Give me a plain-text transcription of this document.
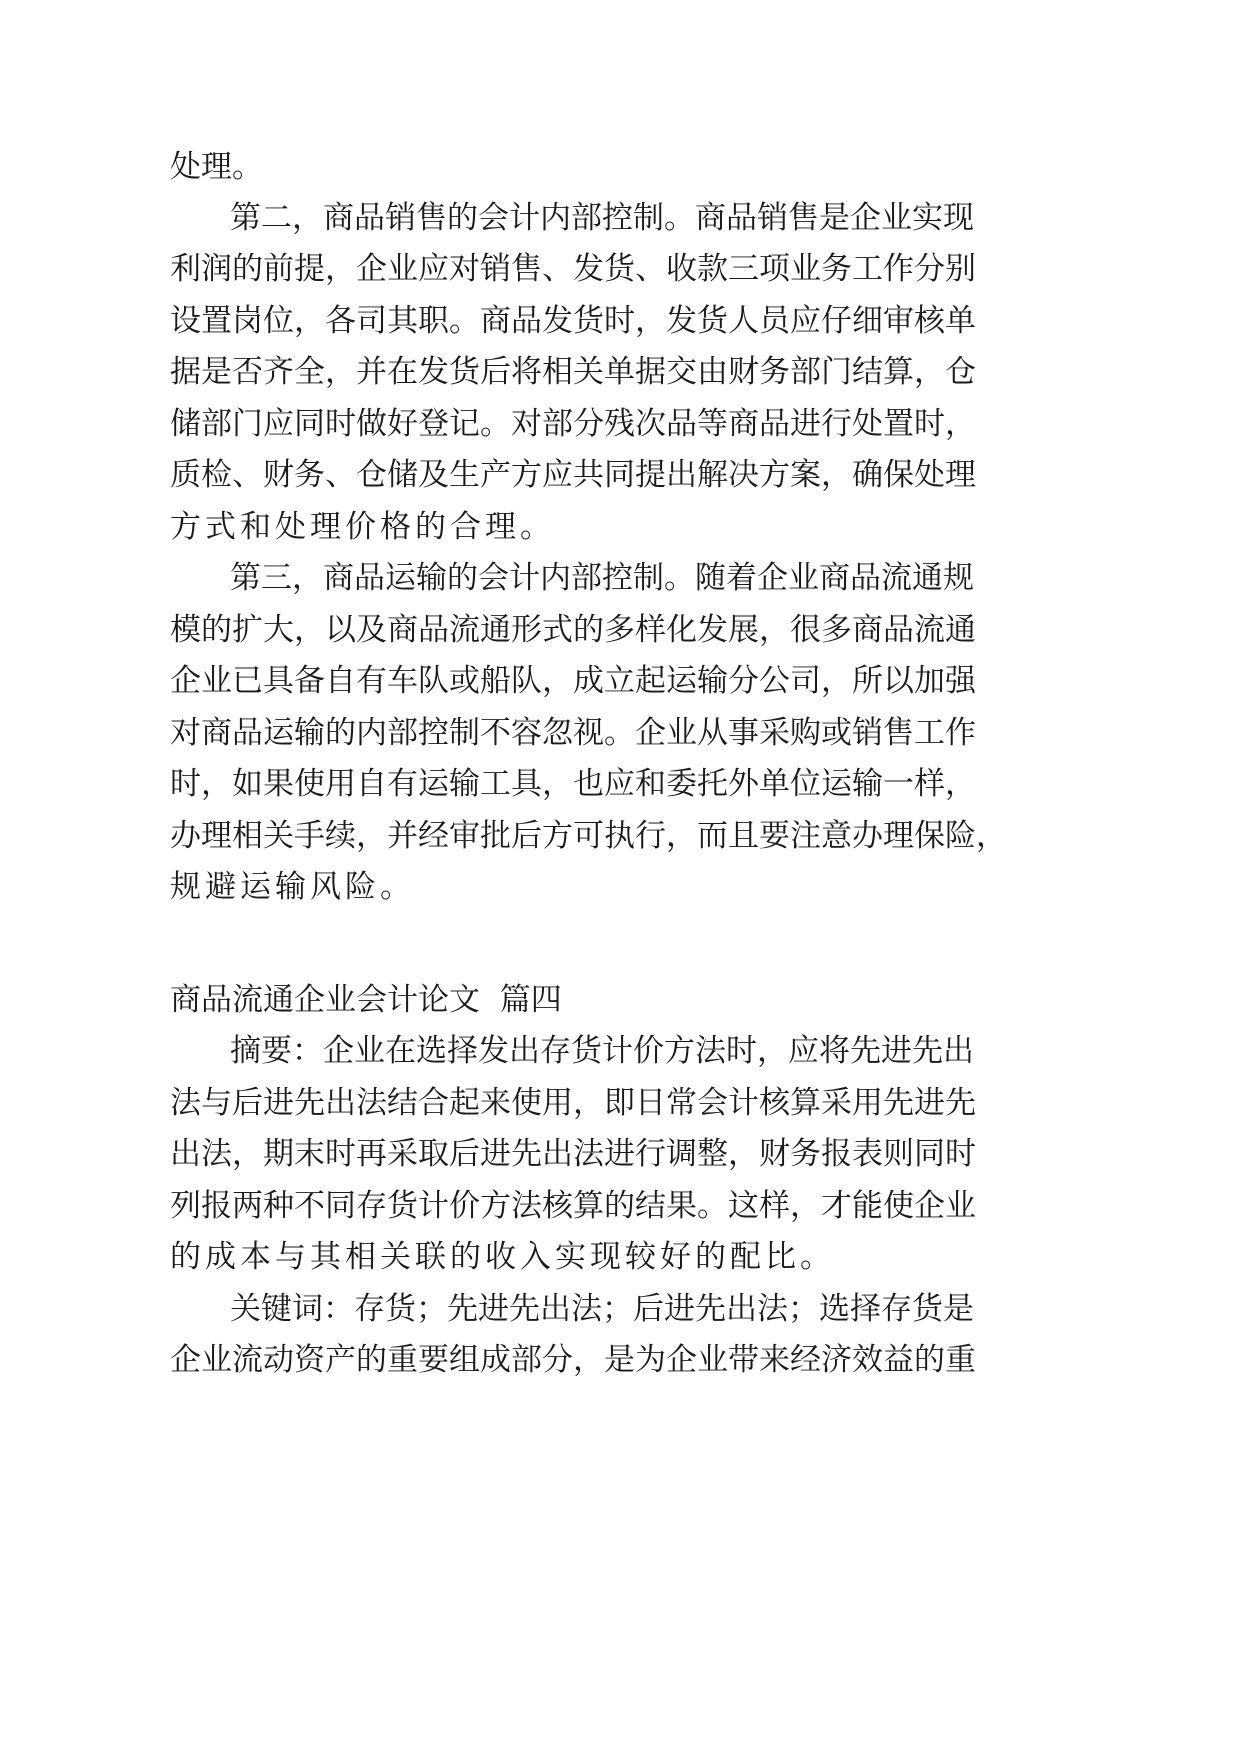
处理。
第二，商品销售的会计内部控制。商品销售是企业实现
利润的前提，企业应对销售、发货、收款三项业务工作分别
设置岗位，各司其职。商品发货时，发货人员应仔细审核单
据是否齐全，并在发货后将相关单据交由财务部门结算，仓
储部门应同时做好登记。对部分残次品等商品进行处置时，
质检、财务、仓储及生产方应共同提出解决方案，确保处理
方式和处理价格的合理。
第三，商品运输的会计内部控制。随着企业商品流通规
模的扩大，以及商品流通形式的多样化发展，很多商品流通
企业已具备自有车队或船队，成立起运输分公司，所以加强
对商品运输的内部控制不容忽视。企业从事采购或销售工作
时，如果使用自有运输工具，也应和委托外单位运输一样，
办理相关手续，并经审批后方可执行，而且要注意办理保险，
规避运输风险。
商品流通企业会计论文  篇四
摘要：企业在选择发出存货计价方法时，应将先进先出
法与后进先出法结合起来使用，即日常会计核算采用先进先
出法，期末时再采取后进先出法进行调整，财务报表则同时
列报两种不同存货计价方法核算的结果。这样，才能使企业
的成本与其相关联的收入实现较好的配比。
关键词：存货；先进先出法；后进先出法；选择存货是
企业流动资产的重要组成部分，是为企业带来经济效益的重
